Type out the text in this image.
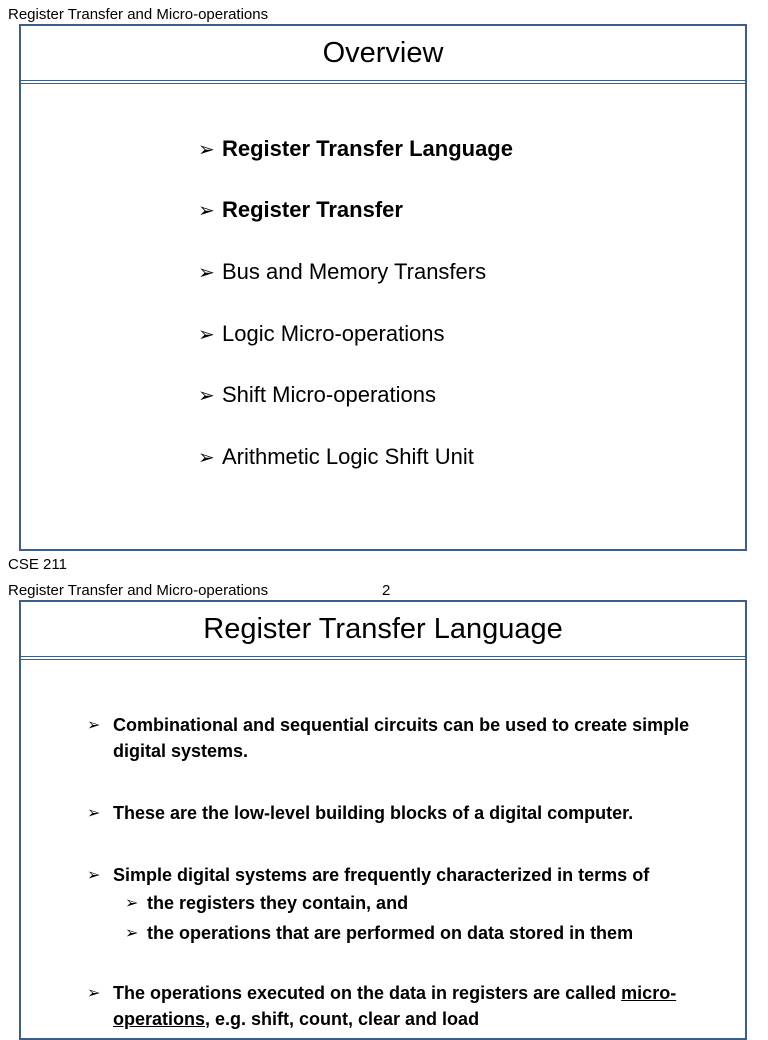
Register Transfer and Micro-operations
Overview
➢ Register Transfer Language
➢ Register Transfer
➢ Bus and Memory Transfers
➢ Logic Micro-operations
➢ Shift Micro-operations
➢ Arithmetic Logic Shift Unit
CSE 211
Register Transfer and Micro-operations	2
Register Transfer Language
➢ Combinational and sequential circuits can be used to create simple digital systems.
➢ These are the low-level building blocks of a digital computer.
➢ Simple digital systems are frequently characterized in terms of
➢ the registers they contain, and
➢ the operations that are performed on data stored in them
➢ The operations executed on the data in registers are called micro-operations, e.g. shift, count, clear and load
